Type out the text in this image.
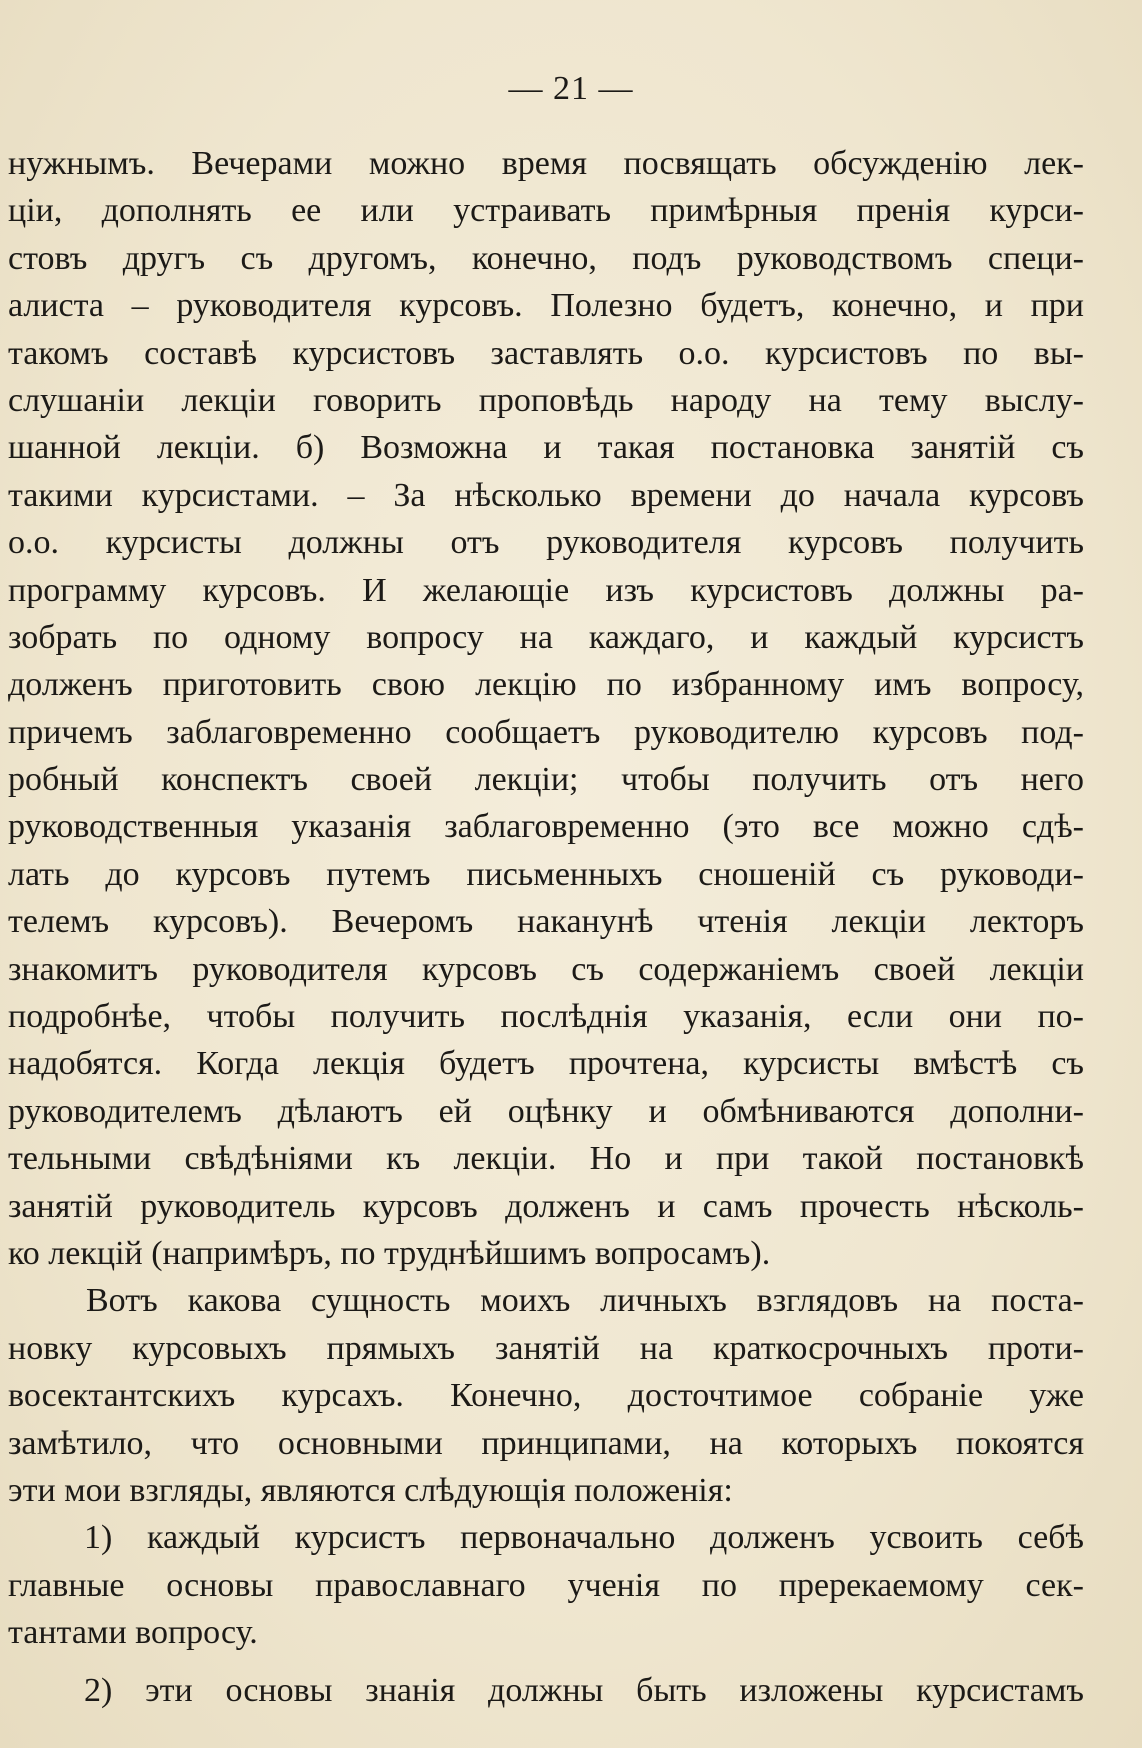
— 21 —
нужнымъ. Вечерами можно время посвящать обсужденію лек-
ціи, дополнять ее или устраивать примѣрныя пренія курси-
стовъ другъ съ другомъ, конечно, подъ руководствомъ специ-
алиста – руководителя курсовъ. Полезно будетъ, конечно, и при
такомъ составѣ курсистовъ заставлять о.о. курсистовъ по вы-
слушаніи лекціи говорить проповѣдь народу на тему выслу-
шанной лекціи. б) Возможна и такая постановка занятій съ
такими курсистами. – За нѣсколько времени до начала курсовъ
о.о. курсисты должны отъ руководителя курсовъ получить
программу курсовъ. И желающіе изъ курсистовъ должны ра-
зобрать по одному вопросу на каждаго, и каждый курсистъ
долженъ приготовить свою лекцію по избранному имъ вопросу,
причемъ заблаговременно сообщаетъ руководителю курсовъ под-
робный конспектъ своей лекціи; чтобы получить отъ него
руководственныя указанія заблаговременно (это все можно сдѣ-
лать до курсовъ путемъ письменныхъ сношеній съ руководи-
телемъ курсовъ). Вечеромъ наканунѣ чтенія лекціи лекторъ
знакомитъ руководителя курсовъ съ содержаніемъ своей лекціи
подробнѣе, чтобы получить послѣднія указанія, если они по-
надобятся. Когда лекція будетъ прочтена, курсисты вмѣстѣ съ
руководителемъ дѣлаютъ ей оцѣнку и обмѣниваются дополни-
тельными свѣдѣніями къ лекціи. Но и при такой постановкѣ
занятій руководитель курсовъ долженъ и самъ прочесть нѣсколь-
ко лекцій (напримѣръ, по труднѣйшимъ вопросамъ).
Вотъ какова сущность моихъ личныхъ взглядовъ на поста-
новку курсовыхъ прямыхъ занятій на краткосрочныхъ проти-
восектантскихъ курсахъ. Конечно, досточтимое собраніе уже
замѣтило, что основными принципами, на которыхъ покоятся
эти мои взгляды, являются слѣдующія положенія:
1) каждый курсистъ первоначально долженъ усвоить себѣ
главные основы православнаго ученія по пререкаемому сек-
тантами вопросу.
2) эти основы знанія должны быть изложены курсистамъ
